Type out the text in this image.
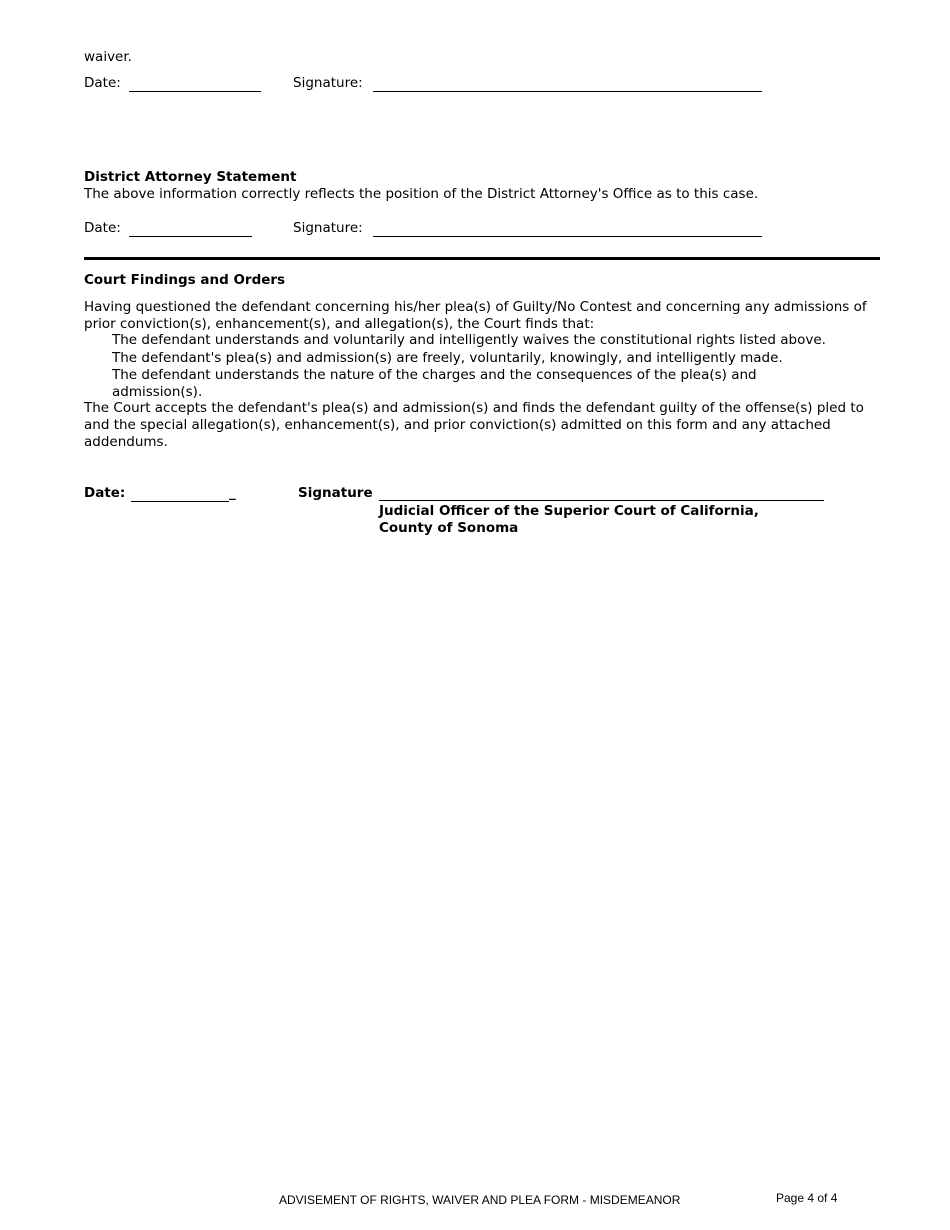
waiver.
Date:	Signature:
District Attorney Statement
The above information correctly reflects the position of the District Attorney's Office as to this case.
Date:	Signature:
Court Findings and Orders
Having questioned the defendant concerning his/her plea(s) of Guilty/No Contest and concerning any admissions of prior conviction(s), enhancement(s), and allegation(s), the Court finds that:
The defendant understands and voluntarily and intelligently waives the constitutional rights listed above.
The defendant's plea(s) and admission(s) are freely, voluntarily, knowingly, and intelligently made.
The defendant understands the nature of the charges and the consequences of the plea(s) and admission(s).
The Court accepts the defendant's plea(s) and admission(s) and finds the defendant guilty of the offense(s) pled to and the special allegation(s), enhancement(s), and prior conviction(s) admitted on this form and any attached addendums.
Date:	_	Signature
Judicial Officer of the Superior Court of California,
County of Sonoma
ADVISEMENT OF RIGHTS, WAIVER AND PLEA FORM - MISDEMEANOR	Page 4 of 4
